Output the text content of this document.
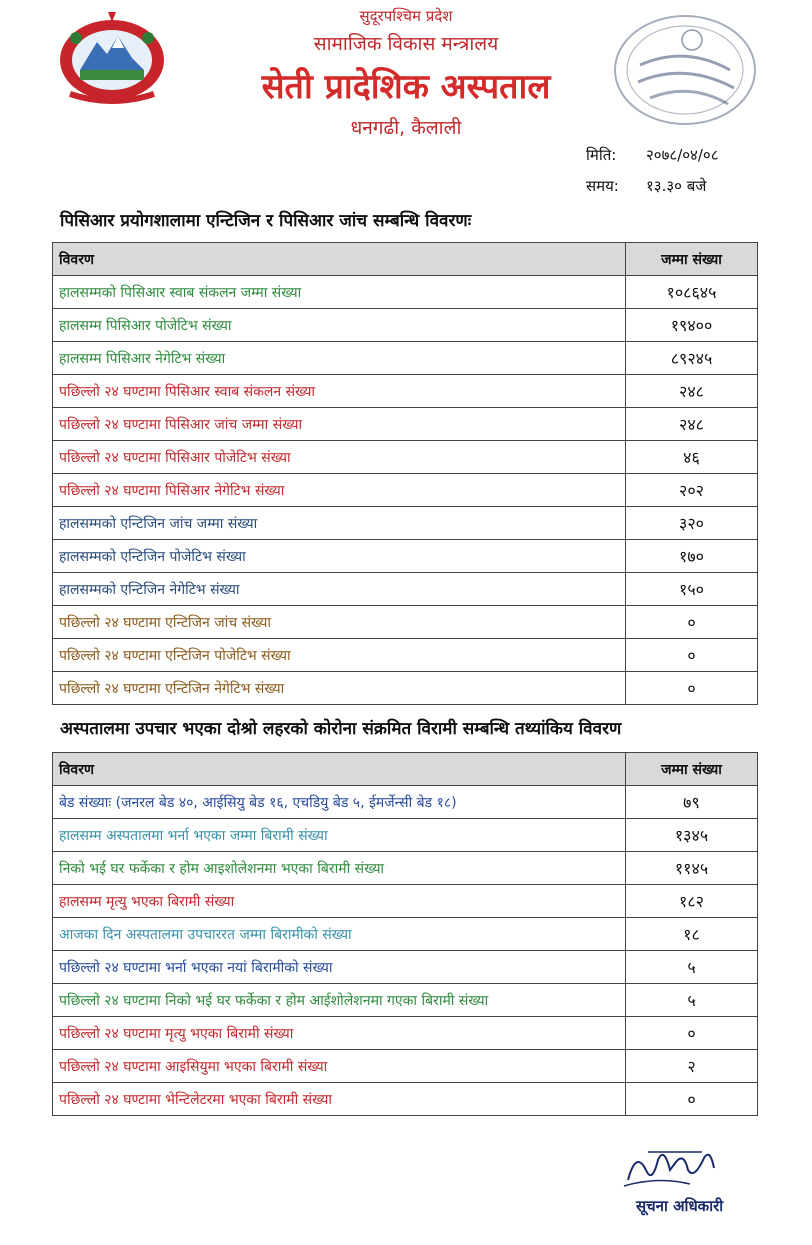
सुदूरपश्चिम प्रदेश
सामाजिक विकास मन्त्रालय
सेती प्रादेशिक अस्पताल
धनगढी, कैलाली
मिति: २०७८/०४/०८
समय: १३.३० बजे
पिसिआर प्रयोगशालामा एन्टिजिन र पिसिआर जांच सम्बन्धि विवरणः
विवरण	जम्मा संख्या
हालसम्मको पिसिआर स्वाब संकलन जम्मा संख्या	१०८६४५
हालसम्म पिसिआर पोजेटिभ संख्या	१९४००
हालसम्म पिसिआर नेगेटिभ संख्या	८९२४५
पछिल्लो २४ घण्टामा पिसिआर स्वाब संकलन संख्या	२४८
पछिल्लो २४ घण्टामा पिसिआर जांच जम्मा संख्या	२४८
पछिल्लो २४ घण्टामा पिसिआर पोजेटिभ संख्या	४६
पछिल्लो २४ घण्टामा पिसिआर नेगेटिभ संख्या	२०२
हालसम्मको एन्टिजिन जांच जम्मा संख्या	३२०
हालसम्मको एन्टिजिन पोजेटिभ संख्या	१७०
हालसम्मको एन्टिजिन नेगेटिभ संख्या	१५०
पछिल्लो २४ घण्टामा एन्टिजिन जांच संख्या	०
पछिल्लो २४ घण्टामा एन्टिजिन पोजेटिभ संख्या	०
पछिल्लो २४ घण्टामा एन्टिजिन नेगेटिभ संख्या	०
अस्पतालमा उपचार भएका दोश्रो लहरको कोरोना संक्रमित विरामी सम्बन्धि तथ्यांकिय विवरण
विवरण	जम्मा संख्या
बेड संख्याः (जनरल बेड ४०, आईसियु बेड १६, एचडियु बेड ५, ईमर्जेन्सी बेड १८)	७९
हालसम्म अस्पतालमा भर्ना भएका जम्मा बिरामी संख्या	१३४५
निको भई घर फर्केका र होम आइशोलेशनमा भएका बिरामी संख्या	११४५
हालसम्म मृत्यु भएका बिरामी संख्या	१८२
आजका दिन अस्पतालमा उपचाररत जम्मा बिरामीको संख्या	१८
पछिल्लो २४ घण्टामा भर्ना भएका नयां बिरामीको संख्या	५
पछिल्लो २४ घण्टामा निको भई घर फर्केका र होम आईशोलेशनमा गएका बिरामी संख्या	५
पछिल्लो २४ घण्टामा मृत्यु भएका बिरामी संख्या	०
पछिल्लो २४ घण्टामा आइसियुमा भएका बिरामी संख्या	२
पछिल्लो २४ घण्टामा भेन्टिलेटरमा भएका बिरामी संख्या	०
सूचना अधिकारी
